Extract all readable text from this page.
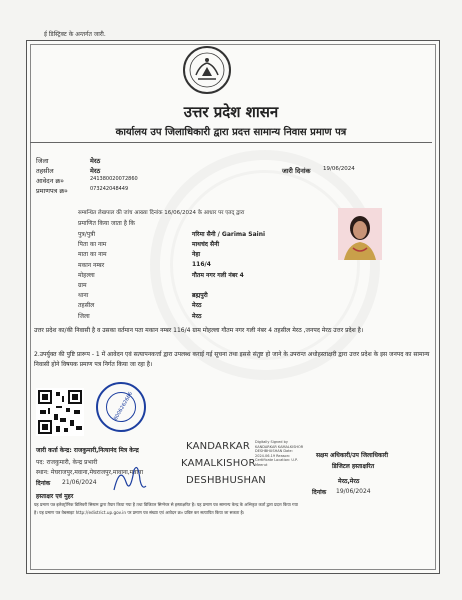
ई डिस्ट्रिक्ट के अन्तर्गत जारी.
उत्तर प्रदेश शासन
कार्यालय उप जिलाधिकारी द्वारा प्रदत्त सामान्य निवास प्रमाण पत्र
जिला	मेरठ
तहसील	मेरठ
आवेदन क्र०	241380020072860
प्रमाणपत्र क्र०	073242048449
जारी दिनांक 19/06/2024
सम्बन्धित लेखपाल की जांच आख्या दिनांक 16/06/2024 के आधार पर एतद् द्वारा
प्रमाणित किया जाता है कि
पुत्र/पुत्री	गरिमा सैनी / Garima Saini
पिता का नाम	माथचंद सैनी
माता का नाम	नेहा
मकान नम्बर	116/4
मोहल्ला	गौतम नगर गली नंबर 4
ग्राम
थाना	ब्रह्मपुरी
तहसील	मेरठ
जिला	मेरठ
उत्तर प्रदेश का/की निवासी है व उसका वर्तमान पता मकान नम्बर 116/4 ग्राम मोहल्ला गौतम नगर गली नंबर 4 तहसील मेरठ ,जनपद मेरठ उत्तर प्रदेश है।
2.उपर्युक्त की पुष्टि प्रारूप - 1 में आवेदन एवं सत्यापनकर्त्ता द्वारा उपलब्ध कराई गई सूचना तथा इससे संतुष्ट हो जाने के उपरान्त अधोहस्ताक्षरी द्वारा उत्तर प्रदेश के इस जनपद का सामान्य निवासी होने विषयक प्रमाण पत्र निर्गत किया जा रहा है।
8006262666
जारी कर्ता केन्द्र: राजकुमारी,नित्यानंद मित्र केन्द्र
पद: राजकुमारी, केन्द्र प्रभारी
स्थान: मेघराजपुर,मवाना,मेघराजपुर,मावाना,मवाना
दिनांक 21/06/2024
हस्ताक्षर एवं मुहर
KANDARKAR
KAMALKISHOR
DESHBHUSHAN
Digitally Signed by KANDARKAR KAMALKISHOR DESHBHUSHAN Date: 2024.06.19 Reason: Certificate Location: U.P. Meerut
सक्षम अधिकारी/उप जिलाधिकारी
डिजिटल हस्ताक्षरित
मेरठ,मेरठ
दिनांक 19/06/2024
यह प्रमाण पत्र इलेक्ट्रॉनिक डिलिवरी सिस्टम द्वारा तैयार किया गया है तथा डिजिटल सिग्नेचर से हस्ताक्षरित है। यह प्रमाण पत्र सामान्य केन्द्र के अभिकृत कर्ता द्वारा प्रदत्त किया गया
है। यह प्रमाण पत्र वेबसाइट http://edistrict.up.gov.in पर प्रमाण पत्र संख्या एवं आवेदन क्र० प्रविष्ट कर सत्यापित किया जा सकता है।
